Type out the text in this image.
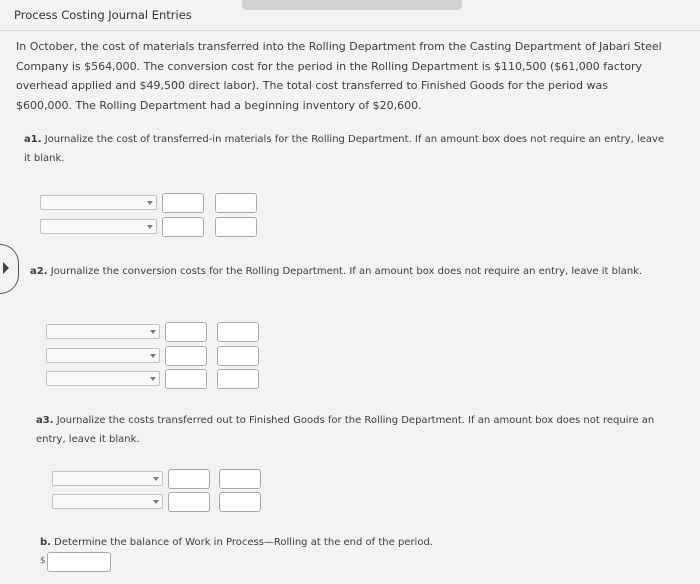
Process Costing Journal Entries
In October, the cost of materials transferred into the Rolling Department from the Casting Department of Jabari Steel Company is $564,000. The conversion cost for the period in the Rolling Department is $110,500 ($61,000 factory overhead applied and $49,500 direct labor). The total cost transferred to Finished Goods for the period was $600,000. The Rolling Department had a beginning inventory of $20,600.
a1. Journalize the cost of transferred-in materials for the Rolling Department. If an amount box does not require an entry, leave it blank.
a2. Journalize the conversion costs for the Rolling Department. If an amount box does not require an entry, leave it blank.
a3. Journalize the costs transferred out to Finished Goods for the Rolling Department. If an amount box does not require an entry, leave it blank.
b. Determine the balance of Work in Process—Rolling at the end of the period.
$
